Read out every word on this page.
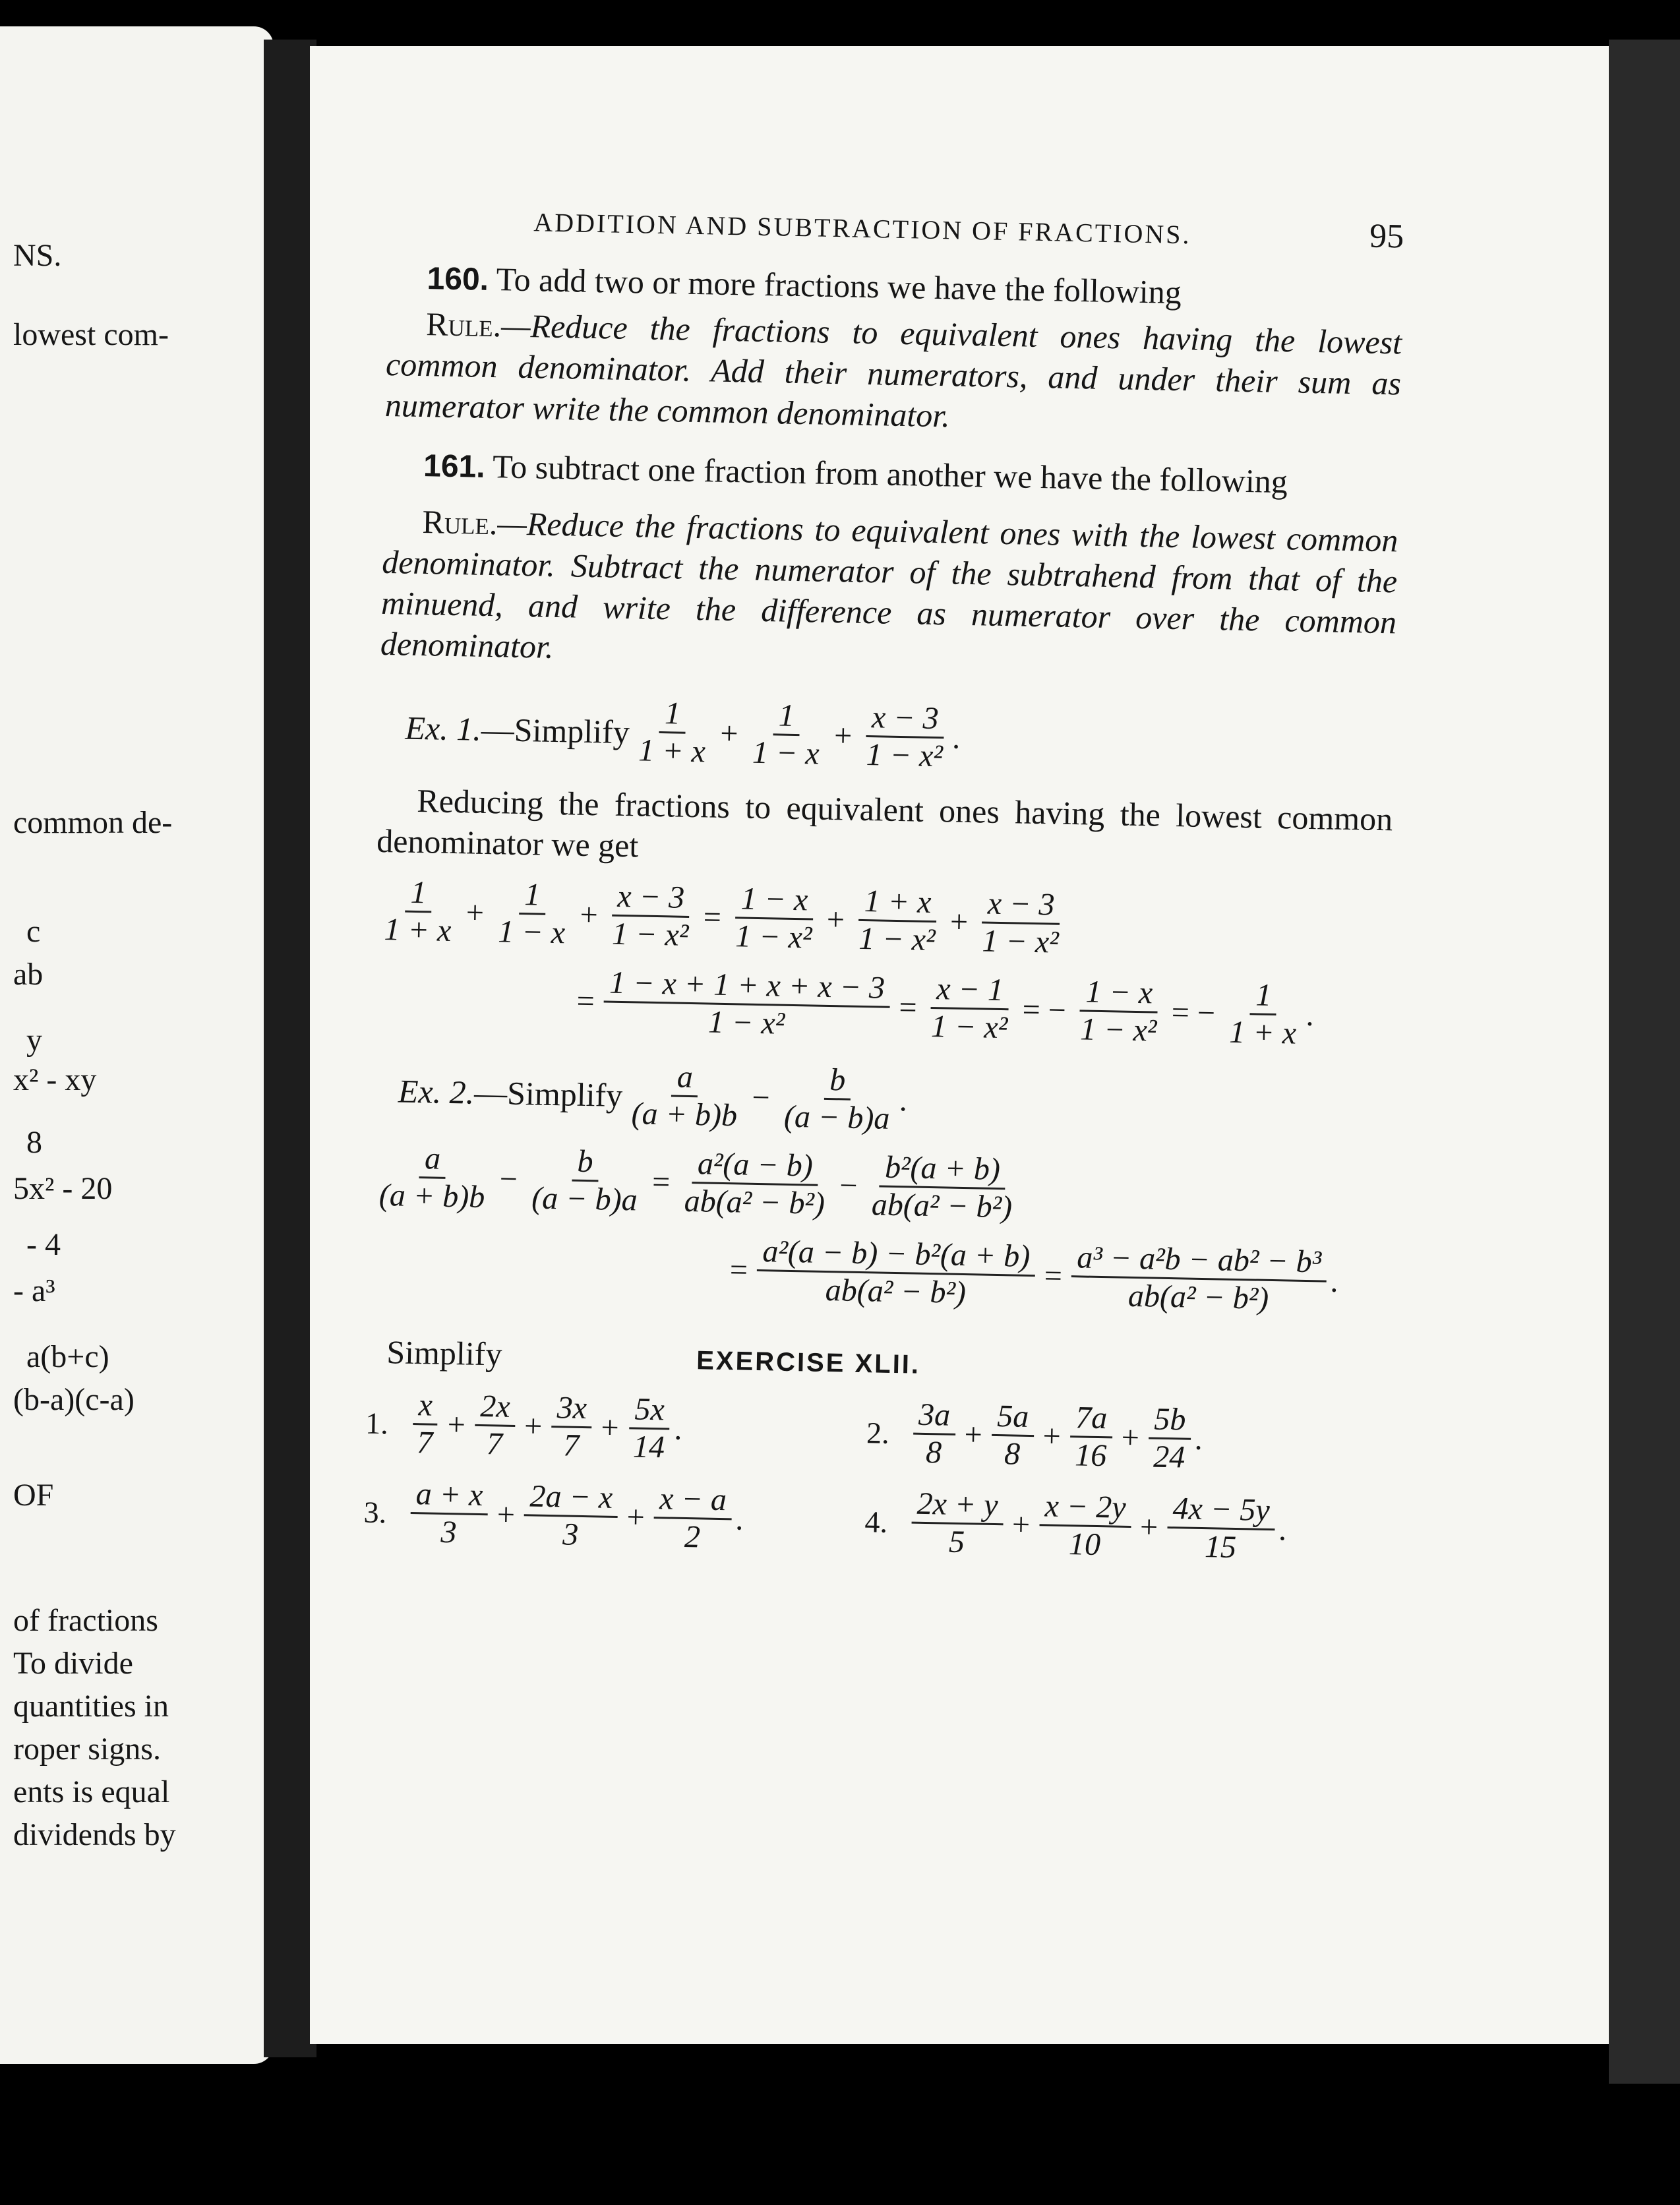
NS.
lowest com-
common de-
c
ab
y
x² - xy
8
5x² - 20
- 4
- a³
a(b+c)
(b-a)(c-a)
OF
of fractions
To divide
quantities in
roper signs.
ents is equal
dividends by
ADDITION AND SUBTRACTION OF FRACTIONS.	95

160. To add two or more fractions we have the following

Rule.—Reduce the fractions to equivalent ones having the lowest common denominator. Add their numerators, and under their sum as numerator write the common denominator.

161. To subtract one fraction from another we have the following

Rule.—Reduce the fractions to equivalent ones with the lowest common denominator. Subtract the numerator of the subtrahend from that of the minuend, and write the difference as numerator over the common denominator.

Ex. 1.—Simplify $\frac{1}{1 + x} + \frac{1}{1 - x} + \frac{x - 3}{\text{1 − x²}}$ .

Reducing the fractions to equivalent ones having the lowest common denominator we get

$\frac{1}{1 + x} + \frac{1}{1 - x} + \frac{x - 3}{\text{1 − x²}} = \frac{1 - x}{\text{1 − x²}} + \frac{1 + x}{\text{1 − x²}} + \frac{x - 3}{\text{1 − x²}}$
= $\frac{1 - x + 1 + x + x - 3}{\text{1 − x²}} = \frac{x - 1}{\text{1 − x²}}$ = − $\frac{1 - x}{\text{1 − x²}}$ = − $\frac{1}{1 + x}$ .
Ex. 2.—Simplify $\frac{a}{(a + b)b} - \frac{b}{(a - b)a}$ .
$\frac{a}{(a + b)b} - \frac{b}{(a - b)a} = \frac{\text{a²(a − b)}}{\text{ab(a² − b²)}} - \frac{\text{b²(a + b)}}{\text{ab(a² − b²)}}$
= $\frac{\text{a²(a − b) − b²(a + b)}}{\text{ab(a² − b²)}} = \frac{\text{a³ − a²b − ab² − b³}}{\text{ab(a² − b²)}}$ .
Simplify	EXERCISE XLII.
1. $\frac{x}{7} + \frac{2x}{7} + \frac{3x}{7} + \frac{5x}{14}$ .	2. $\frac{3a}{8} + \frac{5a}{8} + \frac{7a}{16} + \frac{5b}{24}$ .
3. $\frac{a + x}{3} + \frac{2a - x}{3} + \frac{x - a}{2}$ .	4. $\frac{2x + y}{5} + \frac{x - 2y}{10} + \frac{4x - 5y}{15}$ .
